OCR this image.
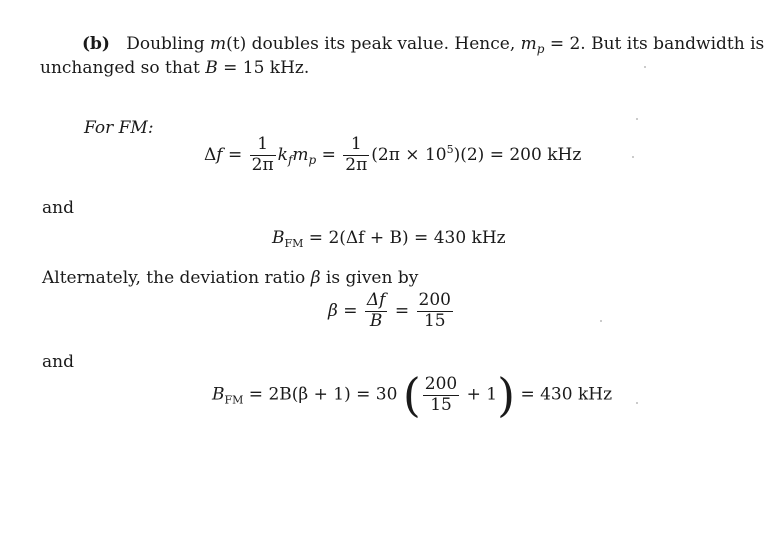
(b) Doubling m(t) doubles its peak value. Hence, $m_p = 2$. But its bandwidth is
unchanged so that B = 15 kHz.
For FM:
$\Delta f = \frac{1}{2\pi} k_fm_p = \frac{1}{2\pi} (2\pi \times 10^5)(2) = 200$ kHz
and
$B_{FM} = 2(\Delta f + B) = 430$ kHz
Alternately, the deviation ratio β is given by
$\beta = \frac{\Delta f}{B} = \frac{200}{15}$
and
$B_{FM} = 2B(\beta + 1) = 30$ ( $\frac{200}{15} + 1) = 430$ kHz
